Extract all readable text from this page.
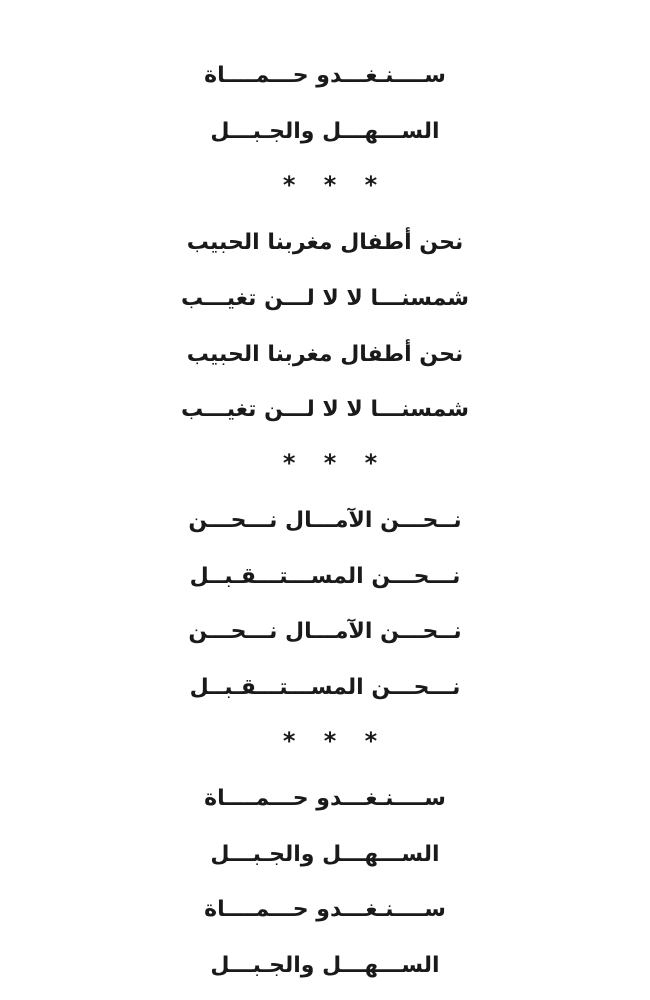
ســــنـغـــدو حـــمــــاة
الســـهـــل والجـبـــل
* * *
نحن أطفال مغربنا الحبيب
شمسنـــا لا لا لـــن تغيـــب
نحن أطفال مغربنا الحبيب
شمسنـــا لا لا لـــن تغيـــب
* * *
نــحـــن الآمـــال نـــحـــن
نـــحـــن المســـتـــقـبــل
نــحـــن الآمـــال نـــحـــن
نـــحـــن المســـتـــقـبــل
* * *
ســــنـغـــدو حـــمــــاة
الســـهـــل والجـبـــل
ســــنـغـــدو حـــمــــاة
الســـهـــل والجـبـــل
